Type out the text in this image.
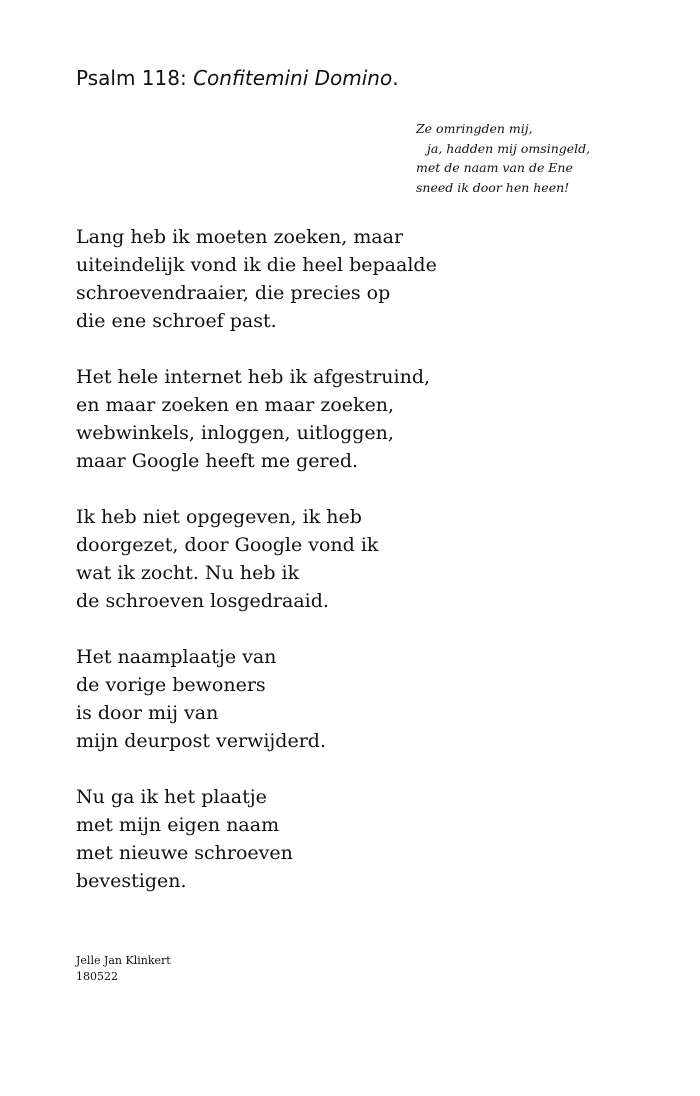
Psalm 118: Confitemini Domino.
Ze omringden mij,
ja, hadden mij omsingeld,
met de naam van de Ene
sneed ik door hen heen!
Lang heb ik moeten zoeken, maar
uiteindelijk vond ik die heel bepaalde
schroevendraaier, die precies op
die ene schroef past.
Het hele internet heb ik afgestruind,
en maar zoeken en maar zoeken,
webwinkels, inloggen, uitloggen,
maar Google heeft me gered.
Ik heb niet opgegeven, ik heb
doorgezet, door Google vond ik
wat ik zocht. Nu heb ik
de schroeven losgedraaid.
Het naamplaatje van
de vorige bewoners
is door mij van
mijn deurpost verwijderd.
Nu ga ik het plaatje
met mijn eigen naam
met nieuwe schroeven
bevestigen.
Jelle Jan Klinkert
180522
